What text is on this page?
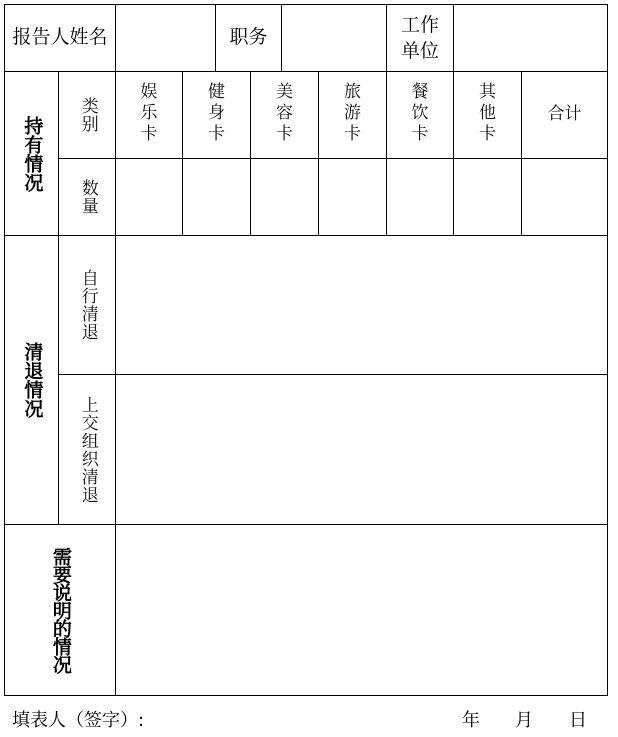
报告人姓名	职务
工作单位
持有情况
类别
数量
娱乐卡
健身卡
美容卡
旅游卡
餐饮卡
其他卡
合计
清退情况
自行清退
上交组织清退
需要说明的情况
填表人（签字）:	年 月 日
